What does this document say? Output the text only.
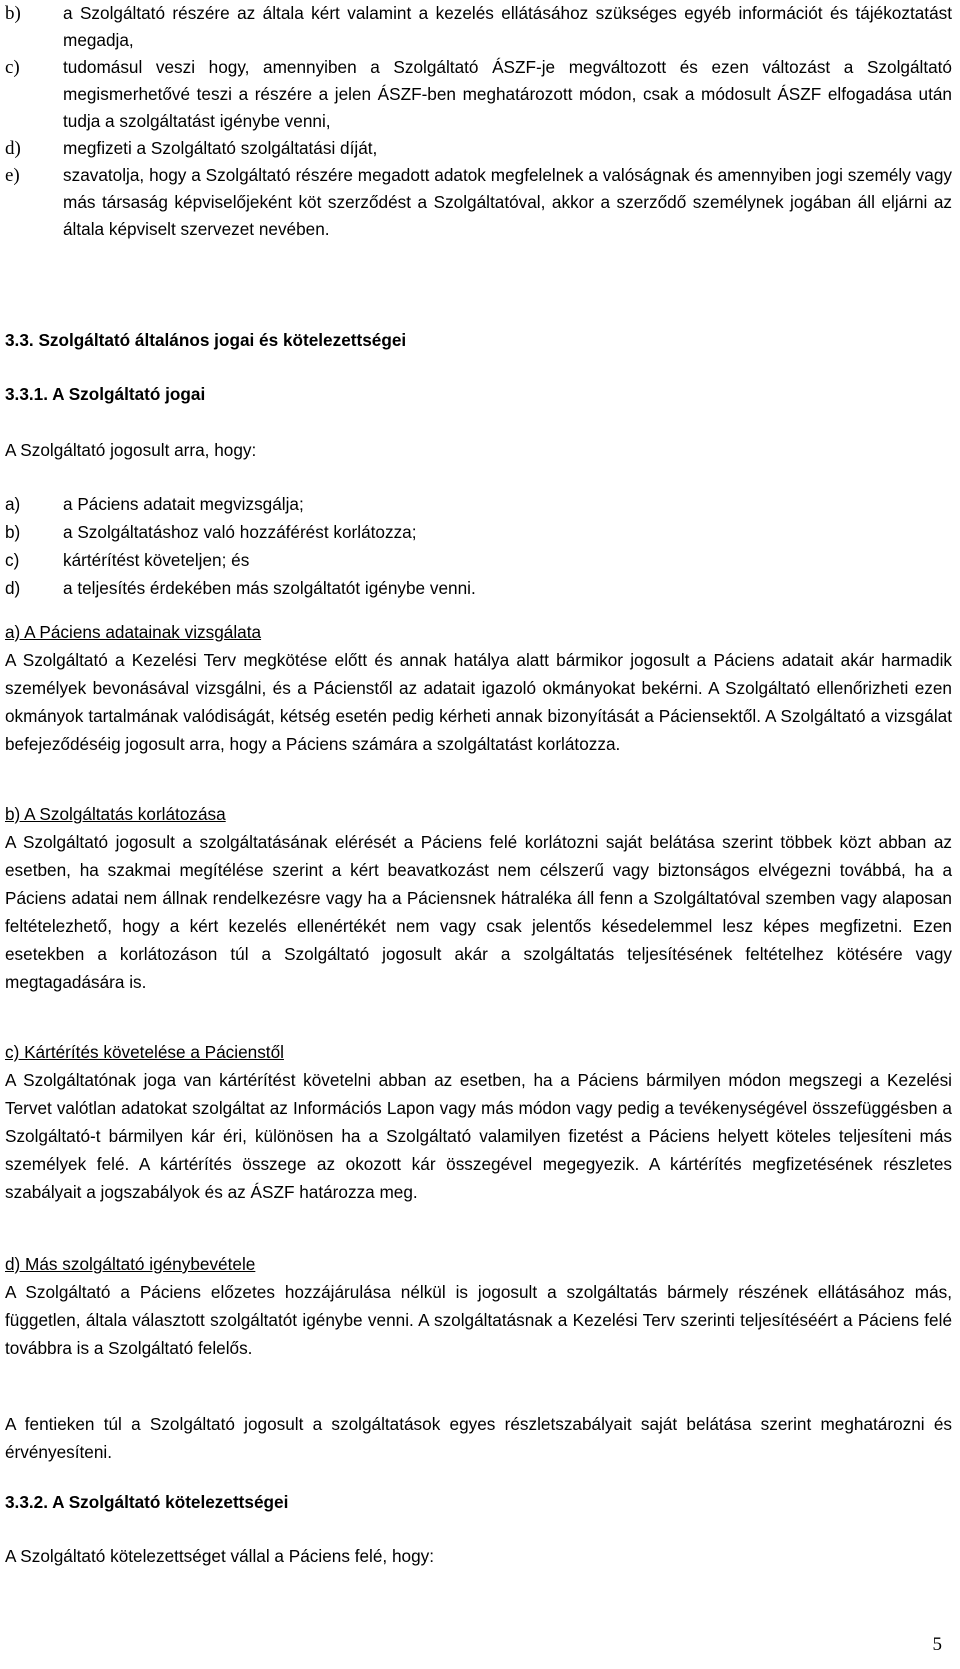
b) a Szolgáltató részére az általa kért valamint a kezelés ellátásához szükséges egyéb információt és tájékoztatást megadja,

c)	tudomásul veszi hogy, amennyiben a Szolgáltató ÁSZF-je megváltozott és ezen változást a Szolgáltató megismerhetővé teszi a részére a jelen ÁSZF-ben meghatározott módon, csak a módosult ÁSZF elfogadása után tudja a szolgáltatást igénybe venni,

d) megfizeti a Szolgáltató szolgáltatási díját,

e)	szavatolja, hogy a Szolgáltató részére megadott adatok megfelelnek a valóságnak és amennyiben jogi személy vagy más társaság képviselőjeként köt szerződést a Szolgáltatóval, akkor a szerződő személynek jogában áll eljárni az általa képviselt szervezet nevében.

3.3. Szolgáltató általános jogai és kötelezettségei

3.3.1. A Szolgáltató jogai

A Szolgáltató jogosult arra, hogy:

a) a Páciens adatait megvizsgálja;

b) a Szolgáltatáshoz való hozzáférést korlátozza;

c)	kártérítést követeljen; és

d) a teljesítés érdekében más szolgáltatót igénybe venni.

a) A Páciens adatainak vizsgálata

A Szolgáltató a Kezelési Terv megkötése előtt és annak hatálya alatt bármikor jogosult a Páciens adatait akár harmadik személyek bevonásával vizsgálni, és a Pácienstől az adatait igazoló okmányokat bekérni. A Szolgáltató ellenőrizheti ezen okmányok tartalmának valódiságát, kétség esetén pedig kérheti annak bizonyítását a Páciensektől. A Szolgáltató a vizsgálat befejeződéséig jogosult arra, hogy a Páciens számára a szolgáltatást korlátozza.

b) A Szolgáltatás korlátozása

A Szolgáltató jogosult a szolgáltatásának elérését a Páciens felé korlátozni saját belátása szerint többek közt abban az esetben, ha szakmai megítélése szerint a kért beavatkozást nem célszerű vagy biztonságos elvégezni továbbá, ha a Páciens adatai nem állnak rendelkezésre vagy ha a Páciensnek hátraléka áll fenn a Szolgáltatóval szemben vagy alaposan feltételezhető, hogy a kért kezelés ellenértékét nem vagy csak jelentős késedelemmel lesz képes megfizetni. Ezen esetekben a korlátozáson túl a Szolgáltató jogosult akár a szolgáltatás teljesítésének feltételhez kötésére vagy megtagadására is.

c) Kártérítés követelése a Pácienstől

A Szolgáltatónak joga van kártérítést követelni abban az esetben, ha a Páciens bármilyen módon megszegi a Kezelési Tervet valótlan adatokat szolgáltat az Információs Lapon vagy más módon vagy pedig a tevékenységével összefüggésben a Szolgáltató-t bármilyen kár éri, különösen ha a Szolgáltató valamilyen fizetést a Páciens helyett köteles teljesíteni más személyek felé. A kártérítés összege az okozott kár összegével megegyezik. A kártérítés megfizetésének részletes szabályait a jogszabályok és az ÁSZF határozza meg.

d) Más szolgáltató igénybevétele

A Szolgáltató a Páciens előzetes hozzájárulása nélkül is jogosult a szolgáltatás bármely részének ellátásához más, független, általa választott szolgáltatót igénybe venni. A szolgáltatásnak a Kezelési Terv szerinti teljesítéséért a Páciens felé továbbra is a Szolgáltató felelős.

A fentieken túl a Szolgáltató jogosult a szolgáltatások egyes részletszabályait saját belátása szerint meghatározni és érvényesíteni.

3.3.2. A Szolgáltató kötelezettségei

A Szolgáltató kötelezettséget vállal a Páciens felé, hogy:

5
